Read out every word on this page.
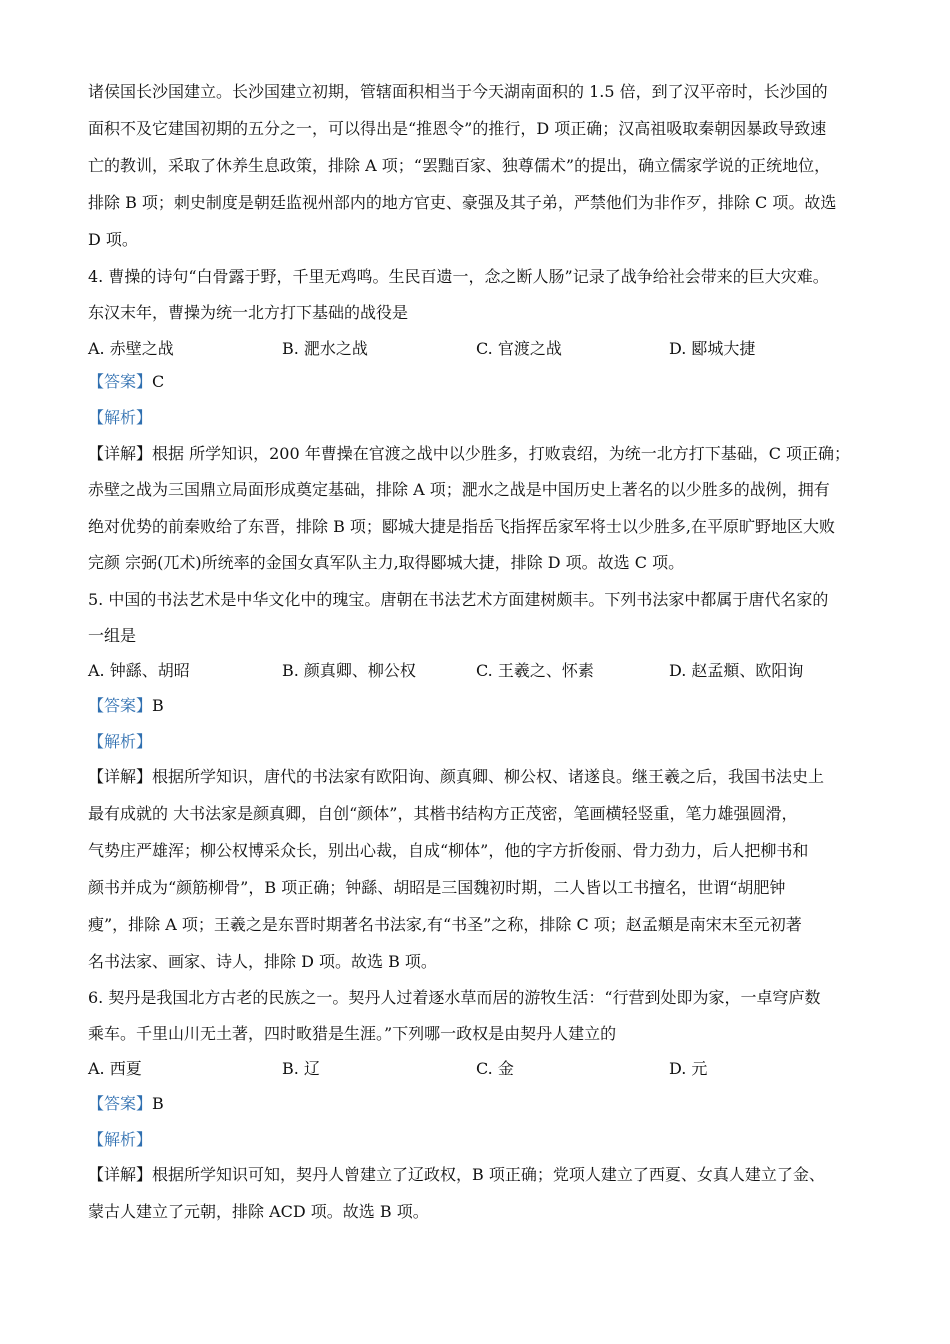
诸侯国长沙国建立。长沙国建立初期，管辖面积相当于今天湖南面积的 1.5 倍，到了汉平帝时，长沙国的
面积不及它建国初期的五分之一，可以得出是“推恩令”的推行，D 项正确；汉高祖吸取秦朝因暴政导致速
亡的教训，采取了休养生息政策，排除 A 项；“罢黜百家、独尊儒术”的提出，确立儒家学说的正统地位，
排除 B 项；刺史制度是朝廷监视州部内的地方官吏、豪强及其子弟，严禁他们为非作歹，排除 C 项。故选
D 项。
4. 曹操的诗句“白骨露于野，千里无鸡鸣。生民百遗一，念之断人肠”记录了战争给社会带来的巨大灾难。
东汉末年，曹操为统一北方打下基础的战役是
A. 赤壁之战	B. 淝水之战	C. 官渡之战	D. 郾城大捷
【答案】C
【解析】
【详解】根据 所学知识，200 年曹操在官渡之战中以少胜多，打败袁绍，为统一北方打下基础，C 项正确；
赤壁之战为三国鼎立局面形成奠定基础，排除 A 项；淝水之战是中国历史上著名的以少胜多的战例，拥有
绝对优势的前秦败给了东晋，排除 B 项；郾城大捷是指岳飞指挥岳家军将士以少胜多,在平原旷野地区大败
完颜 宗弼(兀术)所统率的金国女真军队主力,取得郾城大捷，排除 D 项。故选 C 项。
5. 中国的书法艺术是中华文化中的瑰宝。唐朝在书法艺术方面建树颇丰。下列书法家中都属于唐代名家的
一组是
A. 钟繇、胡昭	B. 颜真卿、柳公权	C. 王羲之、怀素	D. 赵孟頫、欧阳询
【答案】B
【解析】
【详解】根据所学知识，唐代的书法家有欧阳询、颜真卿、柳公权、诸遂良。继王羲之后，我国书法史上
最有成就的 大书法家是颜真卿，自创“颜体”，其楷书结构方正茂密，笔画横轻竖重，笔力雄强圆滑，
气势庄严雄浑；柳公权博采众长，别出心裁，自成“柳体”，他的字方折俊丽、骨力劲力，后人把柳书和
颜书并成为“颜筋柳骨”，B 项正确；钟繇、胡昭是三国魏初时期，二人皆以工书擅名，世谓“胡肥钟
瘦”，排除 A 项；王羲之是东晋时期著名书法家,有“书圣”之称，排除 C 项；赵孟頫是南宋末至元初著
名书法家、画家、诗人，排除 D 项。故选 B 项。
6. 契丹是我国北方古老的民族之一。契丹人过着逐水草而居的游牧生活：“行营到处即为家，一卓穹庐数
乘车。千里山川无土著，四时畋猎是生涯。”下列哪一政权是由契丹人建立的
A. 西夏	B. 辽	C. 金	D. 元
【答案】B
【解析】
【详解】根据所学知识可知，契丹人曾建立了辽政权，B 项正确；党项人建立了西夏、女真人建立了金、
蒙古人建立了元朝，排除 ACD 项。故选 B 项。
